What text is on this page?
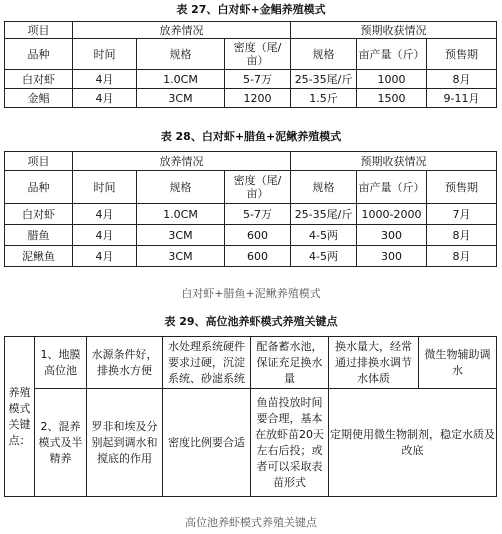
表 27、白对虾+金鲳养殖模式
项目	放养情况			预期收获情况		
品种	时间	规格	密度（尾/亩）	规格	亩产量（斤）	预售期
白对虾	4月	1.0CM	5-7万	25-35尾/斤	1000	8月
金鲳	4月	3CM	1200	1.5斤	1500	9-11月
表 28、白对虾+腊鱼+泥鳅养殖模式
项目	放养情况			预期收获情况		
品种	时间	规格	密度（尾/亩）	规格	亩产量（斤）	预售期
白对虾	4月	1.0CM	5-7万	25-35尾/斤	1000-2000	7月
腊鱼	4月	3CM	600	4-5两	300	8月
泥鳅鱼	4月	3CM	600	4-5两	300	8月
白对虾+腊鱼+泥鳅养殖模式
表 29、高位池养虾模式养殖关键点
养殖模式关键点：	1、地膜高位池	水源条件好，排换水方便	水处理系统硬件要求过硬，沉淀系统、砂滤系统	配备蓄水池，保证充足换水量	换水量大，经常通过排换水调节水体质	微生物辅助调水
	2、混养模式及半精养	罗非和埃及分别起到调水和搅底的作用	密度比例要合适	鱼苗投放时间要合理，基本在放虾苗20天左右后投；或者可以采取表苗形式	定期使用微生物制剂，稳定水质及改底	
高位池养虾模式养殖关键点
